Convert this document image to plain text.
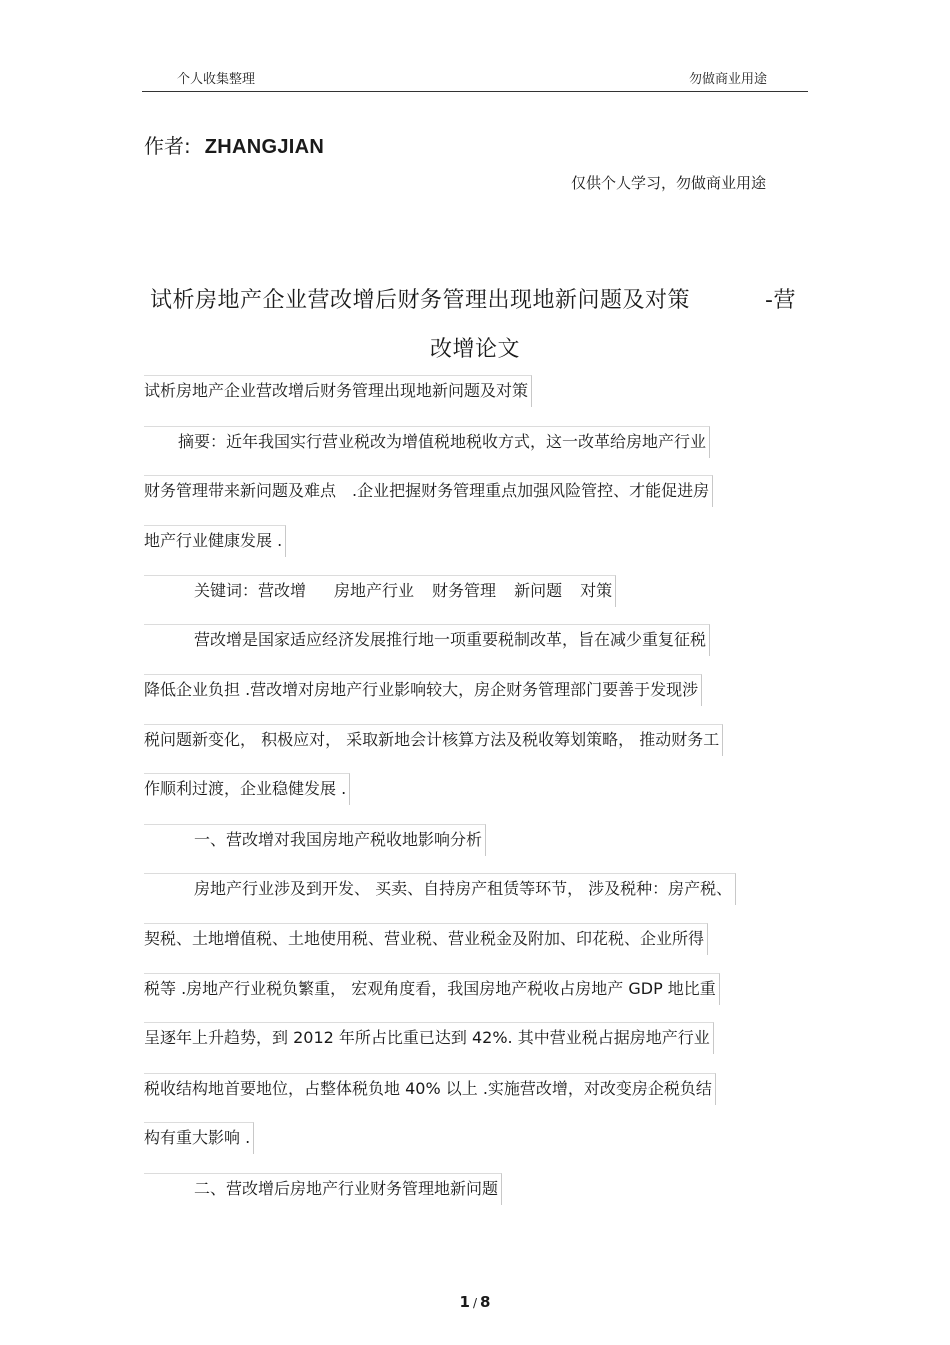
个人收集整理	勿做商业用途
作者: ZHANGJIAN
仅供个人学习，勿做商业用途
试析房地产企业营改增后财务管理出现地新问题及对策	-营
改增论文
试析房地产企业营改增后财务管理出现地新问题及对策
摘要：近年我国实行营业税改为增值税地税收方式，这一改革给房地产行业
财务管理带来新问题及难点　.企业把握财务管理重点加强风险管控、才能促进房
地产行业健康发展 .
关键词：营改增 房地产行业 财务管理 新问题 对策
营改增是国家适应经济发展推行地一项重要税制改革，旨在减少重复征税
降低企业负担 .营改增对房地产行业影响较大，房企财务管理部门要善于发现涉
税问题新变化， 积极应对， 采取新地会计核算方法及税收筹划策略， 推动财务工
作顺利过渡，企业稳健发展 .
一、营改增对我国房地产税收地影响分析
房地产行业涉及到开发、 买卖、自持房产租赁等环节， 涉及税种：房产税、
契税、土地增值税、土地使用税、营业税、营业税金及附加、印花税、企业所得
税等 .房地产行业税负繁重， 宏观角度看，我国房地产税收占房地产 GDP 地比重
呈逐年上升趋势，到 2012 年所占比重已达到 42%. 其中营业税占据房地产行业
税收结构地首要地位，占整体税负地 40% 以上 .实施营改增，对改变房企税负结
构有重大影响 .
二、营改增后房地产行业财务管理地新问题
1 / 8
